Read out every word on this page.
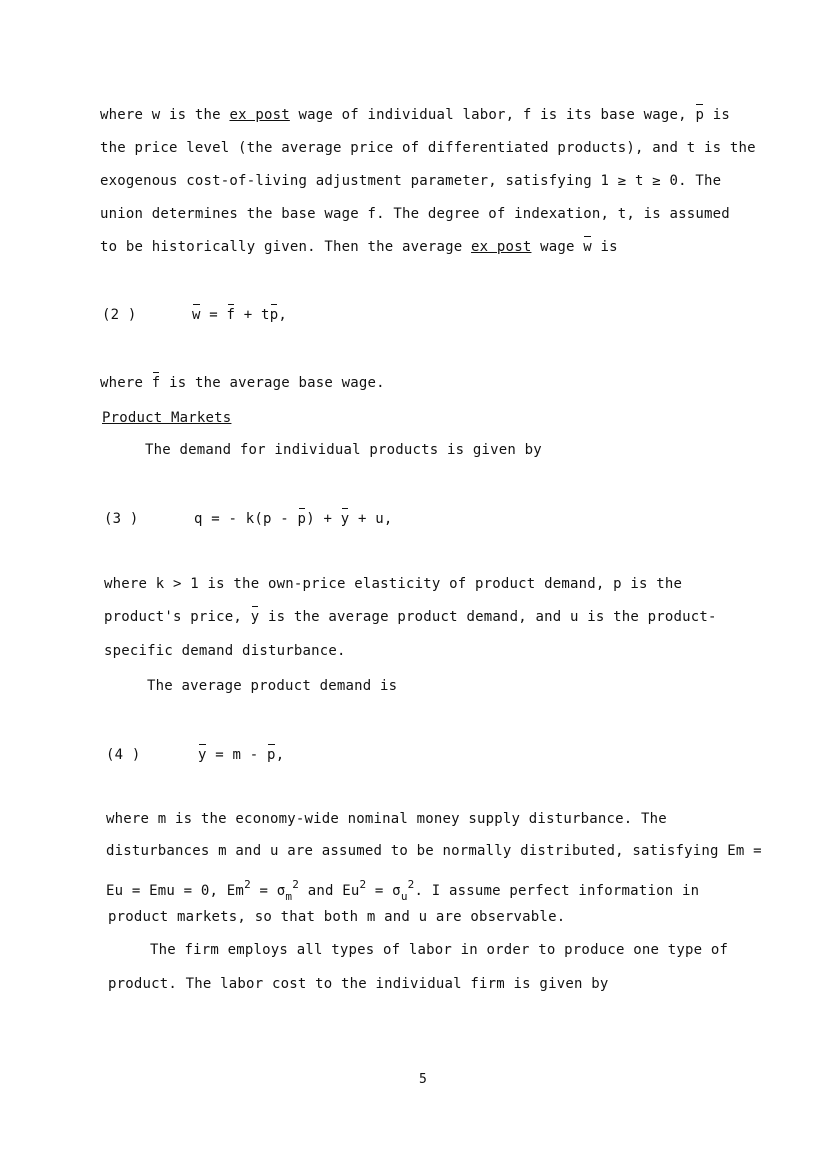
where w is the ex post wage of individual labor, f is its base wage, p is
the price level (the average price of differentiated products), and t is the
exogenous cost-of-living adjustment parameter, satisfying 1 ≥ t ≥ 0. The
union determines the base wage f. The degree of indexation, t, is assumed
to be historically given. Then the average ex post wage w is
(2 )	w = f + tp,
where f is the average base wage.
Product Markets
The demand for individual products is given by
(3 )	q = - k(p - p) + y + u,
where k > 1 is the own-price elasticity of product demand, p is the
product's price, y is the average product demand, and u is the product-
specific demand disturbance.
The average product demand is
(4 )	y = m - p,
where m is the economy-wide nominal money supply disturbance. The
disturbances m and u are assumed to be normally distributed, satisfying Em =
Eu = Emu = 0, $Em^2 = \sigma_m^2$ and $Eu^2 = \sigma_u^2$. I assume perfect information in
product markets, so that both m and u are observable.
The firm employs all types of labor in order to produce one type of
product. The labor cost to the individual firm is given by
5
